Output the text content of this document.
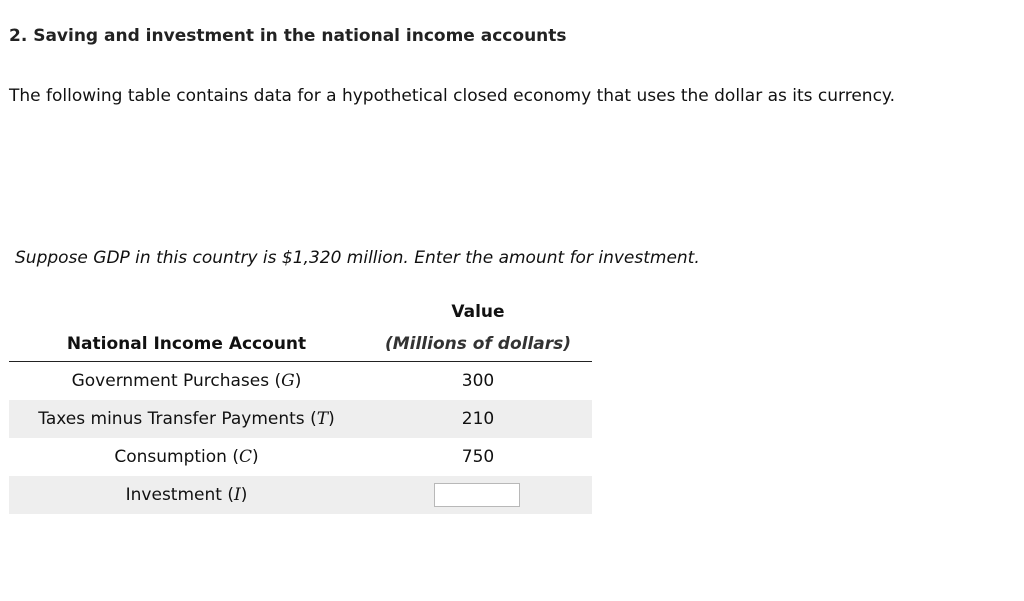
2. Saving and investment in the national income accounts
The following table contains data for a hypothetical closed economy that uses the dollar as its currency.
Suppose GDP in this country is $1,320 million. Enter the amount for investment.
National Income Account	Value
(Millions of dollars)

Government Purchases (G)	300
Taxes minus Transfer Payments (T)	210
Consumption (C)	750
Investment (I)	
